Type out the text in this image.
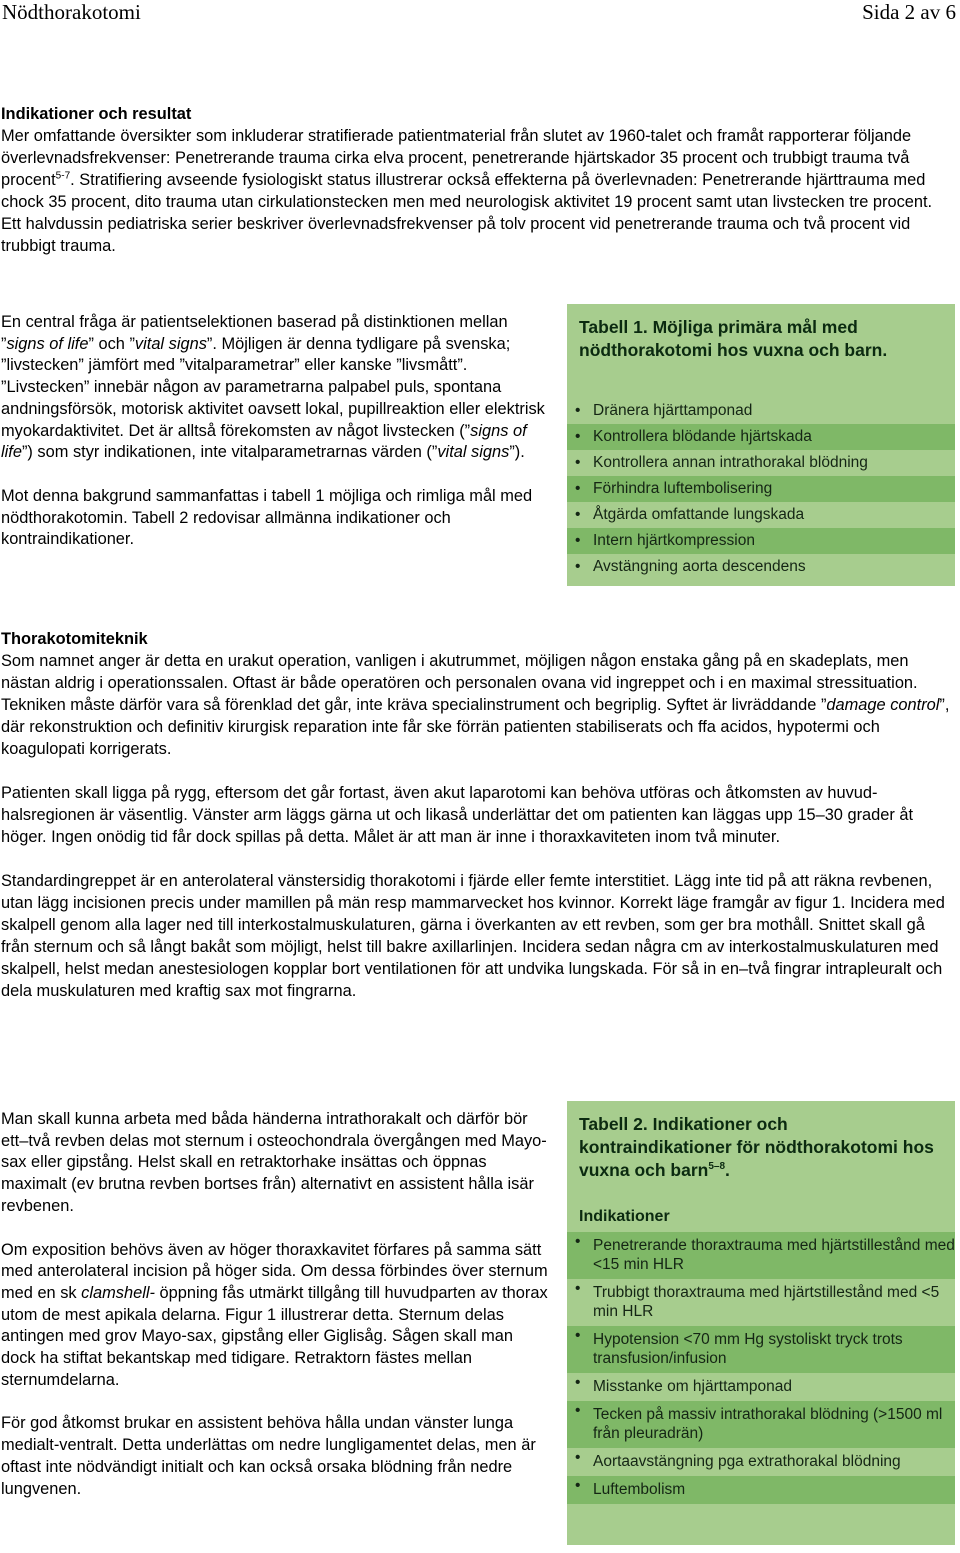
Nödthorakotomi	Sida 2 av 6

Indikationer och resultat

Mer omfattande översikter som inkluderar stratifierade patientmaterial från slutet av 1960-talet och framåt rapporterar följande överlevnadsfrekvenser: Penetrerande trauma cirka elva procent, penetrerande hjärtskador 35 procent och trubbigt trauma två procent$^{5-7}$. Stratifiering avseende fysiologiskt status illustrerar också effekterna på överlevnaden: Penetrerande hjärttrauma med chock 35 procent, dito trauma utan cirkulationstecken men med neurologisk aktivitet 19 procent samt utan livstecken tre procent. Ett halvdussin pediatriska serier beskriver överlevnadsfrekvenser på tolv procent vid penetrerande trauma och två procent vid trubbigt trauma.

En central fråga är patientselektionen baserad på distinktionen mellan ”signs of life” och ”vital signs”. Möjligen är denna tydligare på svenska; ”livstecken” jämfört med ”vitalparametrar” eller kanske ”livsmått”. ”Livstecken” innebär någon av parametrarna palpabel puls, spontana andningsförsök, motorisk aktivitet oavsett lokal, pupillreaktion eller elektrisk myokardaktivitet. Det är alltså förekomsten av något livstecken (”signs of life”) som styr indikationen, inte vitalparametrarnas värden (”vital signs”).

Mot denna bakgrund sammanfattas i tabell 1 möjliga och rimliga mål med nödthorakotomin. Tabell 2 redovisar allmänna indikationer och kontraindikationer.

Tabell 1. Möjliga primära mål med nödthorakotomi hos vuxna och barn.
• Dränera hjärttamponad
• Kontrollera blödande hjärtskada
• Kontrollera annan intrathorakal blödning
• Förhindra luftembolisering
• Åtgärda omfattande lungskada
• Intern hjärtkompression
• Avstängning aorta descendens

Thorakotomiteknik

Som namnet anger är detta en urakut operation, vanligen i akutrummet, möjligen någon enstaka gång på en skadeplats, men nästan aldrig i operationssalen. Oftast är både operatören och personalen ovana vid ingreppet och i en maximal stressituation. Tekniken måste därför vara så förenklad det går, inte kräva specialinstrument och begriplig. Syftet är livräddande ”damage control”, där rekonstruktion och definitiv kirurgisk reparation inte får ske förrän patienten stabiliserats och ffa acidos, hypotermi och koagulopati korrigerats.

Patienten skall ligga på rygg, eftersom det går fortast, även akut laparotomi kan behöva utföras och åtkomsten av huvud-halsregionen är väsentlig. Vänster arm läggs gärna ut och likaså underlättar det om patienten kan läggas upp 15–30 grader åt höger. Ingen onödig tid får dock spillas på detta. Målet är att man är inne i thoraxkaviteten inom två minuter.

Standardingreppet är en anterolateral vänstersidig thorakotomi i fjärde eller femte interstitiet. Lägg inte tid på att räkna revbenen, utan lägg incisionen precis under mamillen på män resp mammarvecket hos kvinnor. Korrekt läge framgår av figur 1. Incidera med skalpell genom alla lager ned till interkostalmuskulaturen, gärna i överkanten av ett revben, som ger bra mothåll. Snittet skall gå från sternum och så långt bakåt som möjligt, helst till bakre axillarlinjen. Incidera sedan några cm av interkostalmuskulaturen med skalpell, helst medan anestesiologen kopplar bort ventilationen för att undvika lungskada. För så in en–två fingrar intrapleuralt och dela muskulaturen med kraftig sax mot fingrarna.

Man skall kunna arbeta med båda händerna intrathorakalt och därför bör ett–två revben delas mot sternum i osteochondrala övergången med Mayo-sax eller gipstång. Helst skall en retraktorhake insättas och öppnas maximalt (ev brutna revben bortses från) alternativt en assistent hålla isär revbenen.

Om exposition behövs även av höger thoraxkavitet förfares på samma sätt med anterolateral incision på höger sida. Om dessa förbindes över sternum med en sk clamshell- öppning fås utmärkt tillgång till huvudparten av thorax utom de mest apikala delarna. Figur 1 illustrerar detta. Sternum delas antingen med grov Mayo-sax, gipstång eller Giglisåg. Sågen skall man dock ha stiftat bekantskap med tidigare. Retraktorn fästes mellan sternumdelarna.

För god åtkomst brukar en assistent behöva hålla undan vänster lunga medialt-ventralt. Detta underlättas om nedre lungligamentet delas, men är oftast inte nödvändigt initialt och kan också orsaka blödning från nedre lungvenen.

Tabell 2. Indikationer och kontraindikationer för nödthorakotomi hos vuxna och barn$^{5-8}$.
Indikationer
• Penetrerande thoraxtrauma med hjärtstillestånd med <15 min HLR
• Trubbigt thoraxtrauma med hjärtstillestånd med <5 min HLR
• Hypotension <70 mm Hg systoliskt tryck trots transfusion/infusion
• Misstanke om hjärttamponad
• Tecken på massiv intrathorakal blödning (>1500 ml från pleuradrän)
• Aortaavstängning pga extrathorakal blödning
• Luftembolism
